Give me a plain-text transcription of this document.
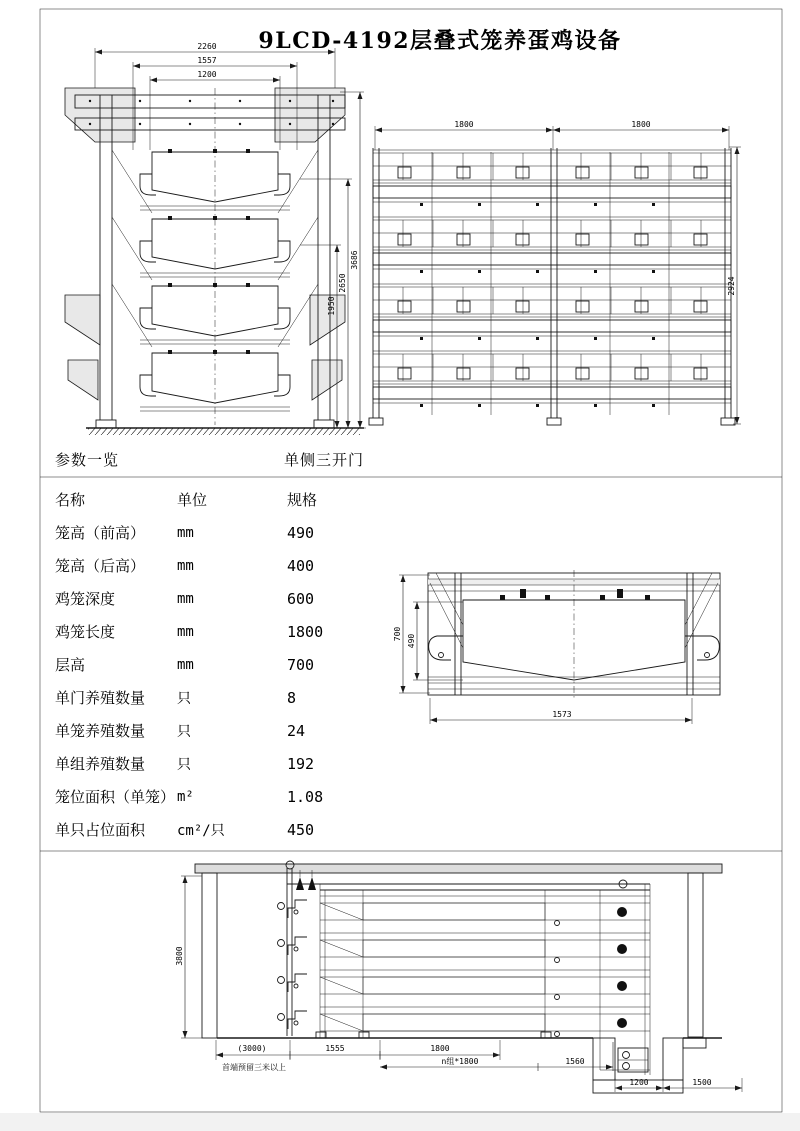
2260
1557
1200
3686
2650
1950
1800	1800
2924
700 490
1573
3800
(3000)	1555	1800
首端预留三米以上
n组*1800	1560
1200	1500
9LCD-4192层叠式笼养蛋鸡设备
参数一览	单侧三开门
名称	单位	规格
笼高（前高）	mm	490
笼高（后高）	mm	400
鸡笼深度	mm	600
鸡笼长度	mm	1800
层高	mm	700
单门养殖数量	只	8
单笼养殖数量	只	24
单组养殖数量	只	192
笼位面积（单笼） m²	1.08
单只占位面积	cm²/只	450
